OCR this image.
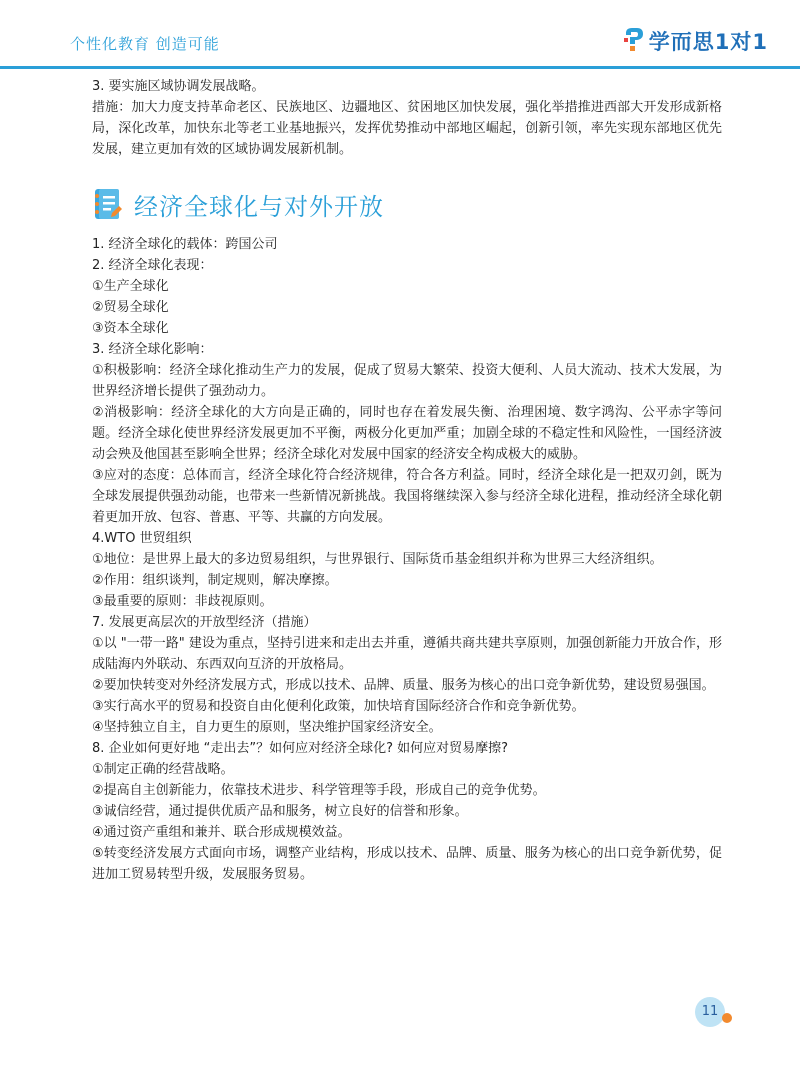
个性化教育 创造可能	学而思1对1

3. 要实施区域协调发展战略。

措施：加大力度支持革命老区、民族地区、边疆地区、贫困地区加快发展，强化举措推进西部大开发形成新格局，深化改革，加快东北等老工业基地振兴，发挥优势推动中部地区崛起，创新引领，率先实现东部地区优先发展，建立更加有效的区域协调发展新机制。

经济全球化与对外开放

1. 经济全球化的载体：跨国公司

2. 经济全球化表现：

①生产全球化

②贸易全球化

③资本全球化

3. 经济全球化影响：

①积极影响：经济全球化推动生产力的发展，促成了贸易大繁荣、投资大便利、人员大流动、技术大发展，为世界经济增长提供了强劲动力。

②消极影响：经济全球化的大方向是正确的，同时也存在着发展失衡、治理困境、数字鸿沟、公平赤字等问题。经济全球化使世界经济发展更加不平衡，两极分化更加严重；加剧全球的不稳定性和风险性，一国经济波动会殃及他国甚至影响全世界；经济全球化对发展中国家的经济安全构成极大的威胁。

③应对的态度：总体而言，经济全球化符合经济规律，符合各方利益。同时，经济全球化是一把双刃剑，既为全球发展提供强劲动能，也带来一些新情况新挑战。我国将继续深入参与经济全球化进程，推动经济全球化朝着更加开放、包容、普惠、平等、共赢的方向发展。

4.WTO 世贸组织

①地位：是世界上最大的多边贸易组织，与世界银行、国际货币基金组织并称为世界三大经济组织。

②作用：组织谈判，制定规则，解决摩擦。

③最重要的原则：非歧视原则。

7. 发展更高层次的开放型经济（措施）

①以 "一带一路" 建设为重点，坚持引进来和走出去并重，遵循共商共建共享原则，加强创新能力开放合作，形成陆海内外联动、东西双向互济的开放格局。

②要加快转变对外经济发展方式，形成以技术、品牌、质量、服务为核心的出口竞争新优势，建设贸易强国。

③实行高水平的贸易和投资自由化便利化政策，加快培育国际经济合作和竞争新优势。

④坚持独立自主，自力更生的原则，坚决维护国家经济安全。

8. 企业如何更好地 “走出去”？如何应对经济全球化? 如何应对贸易摩擦?

①制定正确的经营战略。

②提高自主创新能力，依靠技术进步、科学管理等手段，形成自己的竞争优势。

③诚信经营，通过提供优质产品和服务，树立良好的信誉和形象。

④通过资产重组和兼并、联合形成规模效益。

⑤转变经济发展方式面向市场，调整产业结构，形成以技术、品牌、质量、服务为核心的出口竞争新优势，促进加工贸易转型升级，发展服务贸易。

11
